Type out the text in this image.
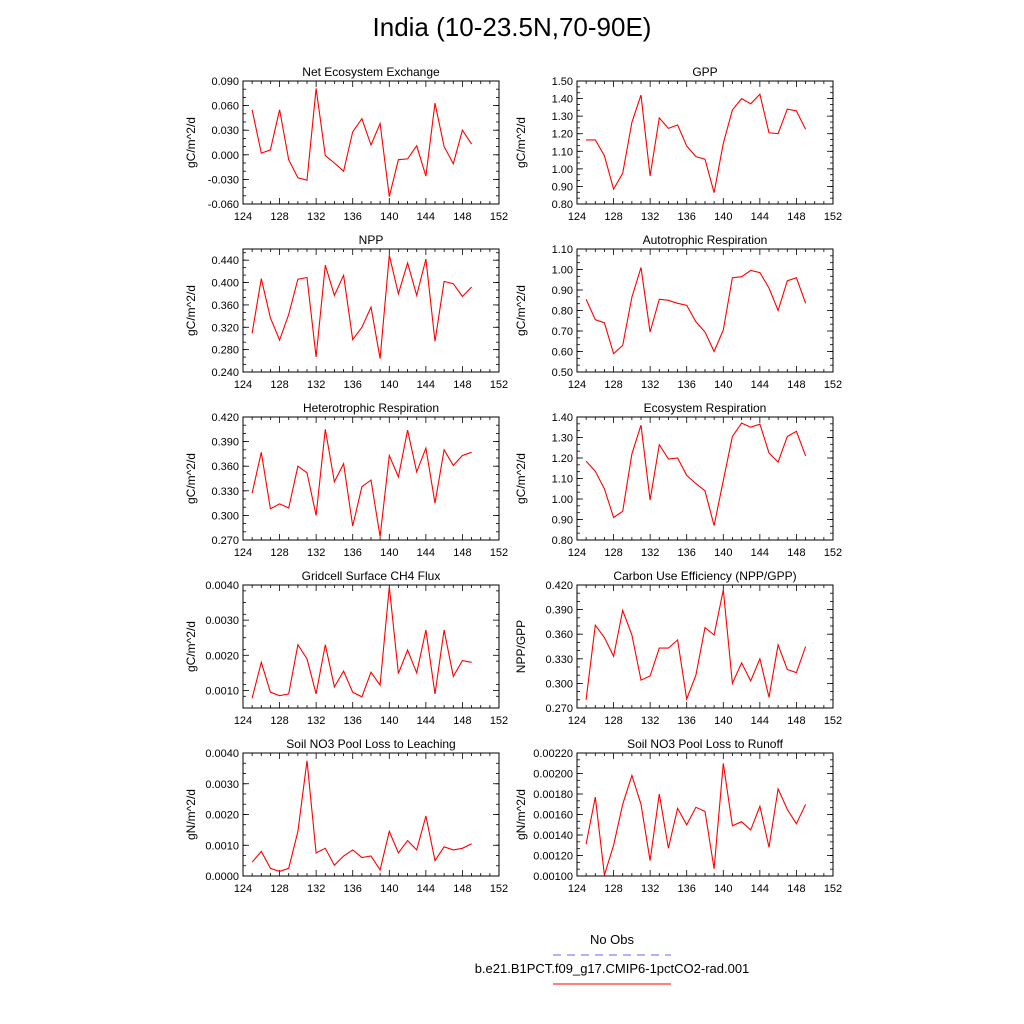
India (10-23.5N,70-90E)
Net Ecosystem Exchange
124 128 132 136 140 144 148 152
-0.060
-0.030
0.000
0.030
0.060
0.090
gC/m^2/d
GPP
124 128 132 136 140 144 148 152
0.80
0.90
1.00
1.10
1.20
1.30
1.40
1.50
gC/m^2/d
NPP
124 128 132 136 140 144 148 152
0.240
0.280
0.320
0.360
0.400
0.440
gC/m^2/d
Autotrophic Respiration
124 128 132 136 140 144 148 152
0.50
0.60
0.70
0.80
0.90
1.00
1.10
gC/m^2/d
Heterotrophic Respiration
124 128 132 136 140 144 148 152
0.270
0.300
0.330
0.360
0.390
0.420
gC/m^2/d
Ecosystem Respiration
124 128 132 136 140 144 148 152
0.80
0.90
1.00
1.10
1.20
1.30
1.40
gC/m^2/d
Gridcell Surface CH4 Flux
124 128 132 136 140 144 148 152
0.0010
0.0020
0.0030
0.0040
gC/m^2/d
Carbon Use Efficiency (NPP/GPP)
124 128 132 136 140 144 148 152
0.270
0.300
0.330
0.360
0.390
0.420
NPP/GPP
Soil NO3 Pool Loss to Leaching
124 128 132 136 140 144 148 152
0.0000
0.0010
0.0020
0.0030
0.0040
gN/m^2/d
Soil NO3 Pool Loss to Runoff
124 128 132 136 140 144 148 152
0.00100
0.00120
0.00140
0.00160
0.00180
0.00200
0.00220
gN/m^2/d
No Obs
b.e21.B1PCT.f09_g17.CMIP6-1pctCO2-rad.001
